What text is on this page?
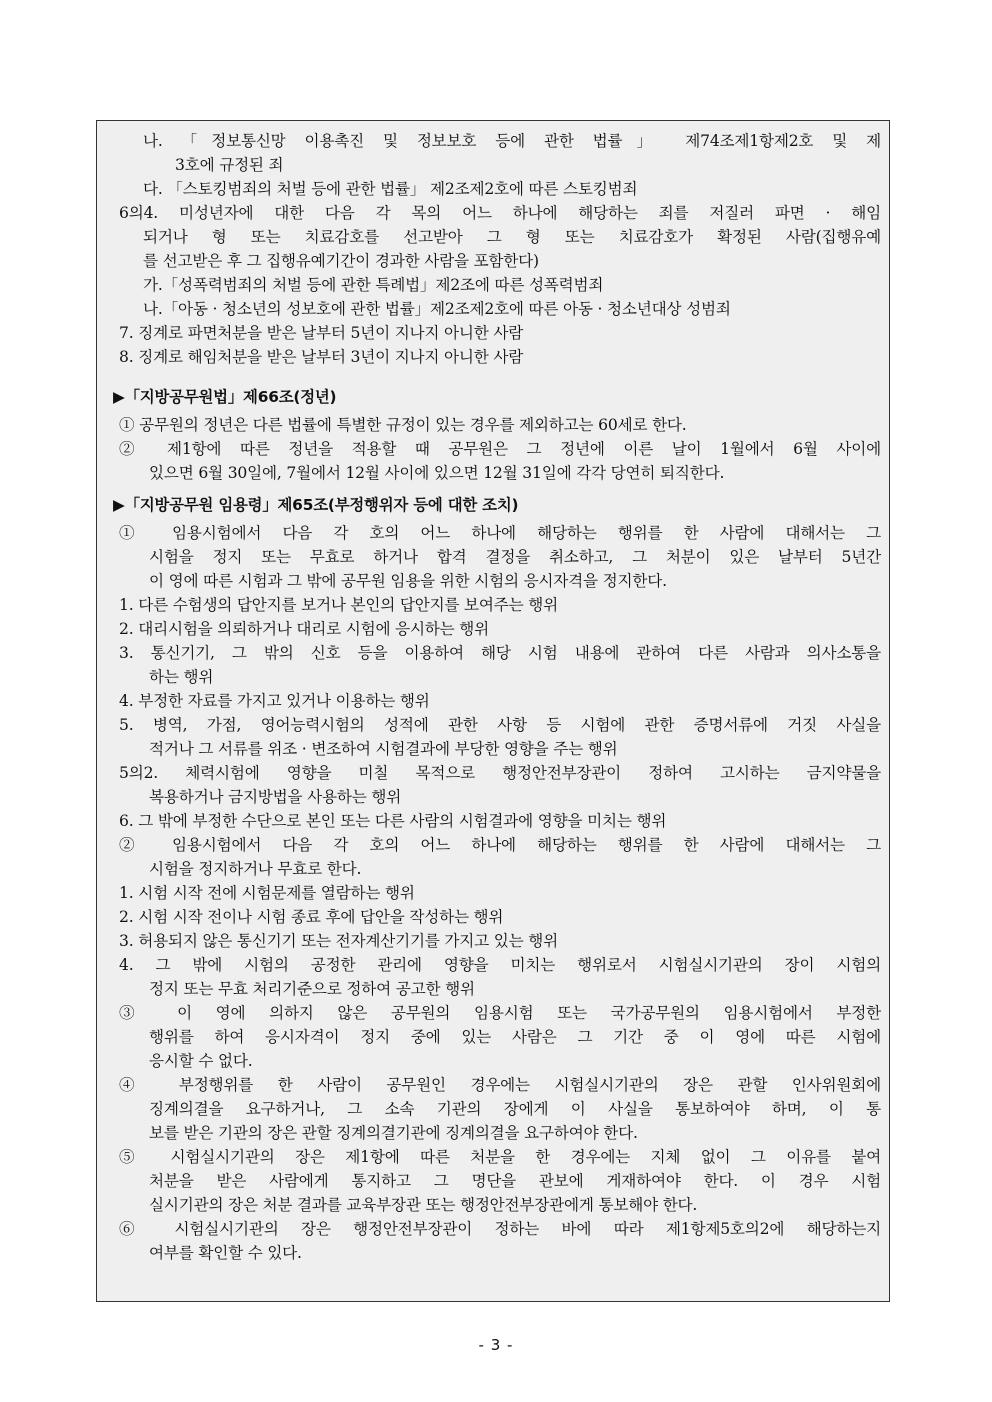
▶「지방공무원법」제66조(정년)
▶「지방공무원 임용령」제65조(부정행위자 등에 대한 조치)
나. 「정보통신망 이용촉진 및 정보보호 등에 관한 법률」 제74조제1항제2호 및 제
3호에 규정된 죄
다. 「스토킹범죄의 처벌 등에 관한 법률」 제2조제2호에 따른 스토킹범죄
6의4. 미성년자에 대한 다음 각 목의 어느 하나에 해당하는 죄를 저질러 파면 · 해임
되거나 형 또는 치료감호를 선고받아 그 형 또는 치료감호가 확정된 사람(집행유예
를 선고받은 후 그 집행유예기간이 경과한 사람을 포함한다)
가.「성폭력범죄의 처벌 등에 관한 특례법」제2조에 따른 성폭력범죄
나.「아동 · 청소년의 성보호에 관한 법률」제2조제2호에 따른 아동 · 청소년대상 성범죄
7. 징계로 파면처분을 받은 날부터 5년이 지나지 아니한 사람
8. 징계로 해임처분을 받은 날부터 3년이 지나지 아니한 사람
① 공무원의 정년은 다른 법률에 특별한 규정이 있는 경우를 제외하고는 60세로 한다.
② 제1항에 따른 정년을 적용할 때 공무원은 그 정년에 이른 날이 1월에서 6월 사이에
있으면 6월 30일에, 7월에서 12월 사이에 있으면 12월 31일에 각각 당연히 퇴직한다.
① 임용시험에서 다음 각 호의 어느 하나에 해당하는 행위를 한 사람에 대해서는 그
시험을 정지 또는 무효로 하거나 합격 결정을 취소하고, 그 처분이 있은 날부터 5년간
이 영에 따른 시험과 그 밖에 공무원 임용을 위한 시험의 응시자격을 정지한다.
1. 다른 수험생의 답안지를 보거나 본인의 답안지를 보여주는 행위
2. 대리시험을 의뢰하거나 대리로 시험에 응시하는 행위
3. 통신기기, 그 밖의 신호 등을 이용하여 해당 시험 내용에 관하여 다른 사람과 의사소통을
하는 행위
4. 부정한 자료를 가지고 있거나 이용하는 행위
5. 병역, 가점, 영어능력시험의 성적에 관한 사항 등 시험에 관한 증명서류에 거짓 사실을
적거나 그 서류를 위조 · 변조하여 시험결과에 부당한 영향을 주는 행위
5의2. 체력시험에 영향을 미칠 목적으로 행정안전부장관이 정하여 고시하는 금지약물을
복용하거나 금지방법을 사용하는 행위
6. 그 밖에 부정한 수단으로 본인 또는 다른 사람의 시험결과에 영향을 미치는 행위
② 임용시험에서 다음 각 호의 어느 하나에 해당하는 행위를 한 사람에 대해서는 그
시험을 정지하거나 무효로 한다.
1. 시험 시작 전에 시험문제를 열람하는 행위
2. 시험 시작 전이나 시험 종료 후에 답안을 작성하는 행위
3. 허용되지 않은 통신기기 또는 전자계산기기를 가지고 있는 행위
4. 그 밖에 시험의 공정한 관리에 영향을 미치는 행위로서 시험실시기관의 장이 시험의
정지 또는 무효 처리기준으로 정하여 공고한 행위
③ 이 영에 의하지 않은 공무원의 임용시험 또는 국가공무원의 임용시험에서 부정한
행위를 하여 응시자격이 정지 중에 있는 사람은 그 기간 중 이 영에 따른 시험에
응시할 수 없다.
④ 부정행위를 한 사람이 공무원인 경우에는 시험실시기관의 장은 관할 인사위원회에
징계의결을 요구하거나, 그 소속 기관의 장에게 이 사실을 통보하여야 하며, 이 통
보를 받은 기관의 장은 관할 징계의결기관에 징계의결을 요구하여야 한다.
⑤ 시험실시기관의 장은 제1항에 따른 처분을 한 경우에는 지체 없이 그 이유를 붙여
처분을 받은 사람에게 통지하고 그 명단을 관보에 게재하여야 한다. 이 경우 시험
실시기관의 장은 처분 결과를 교육부장관 또는 행정안전부장관에게 통보해야 한다.
⑥ 시험실시기관의 장은 행정안전부장관이 정하는 바에 따라 제1항제5호의2에 해당하는지
여부를 확인할 수 있다.
- 3 -
